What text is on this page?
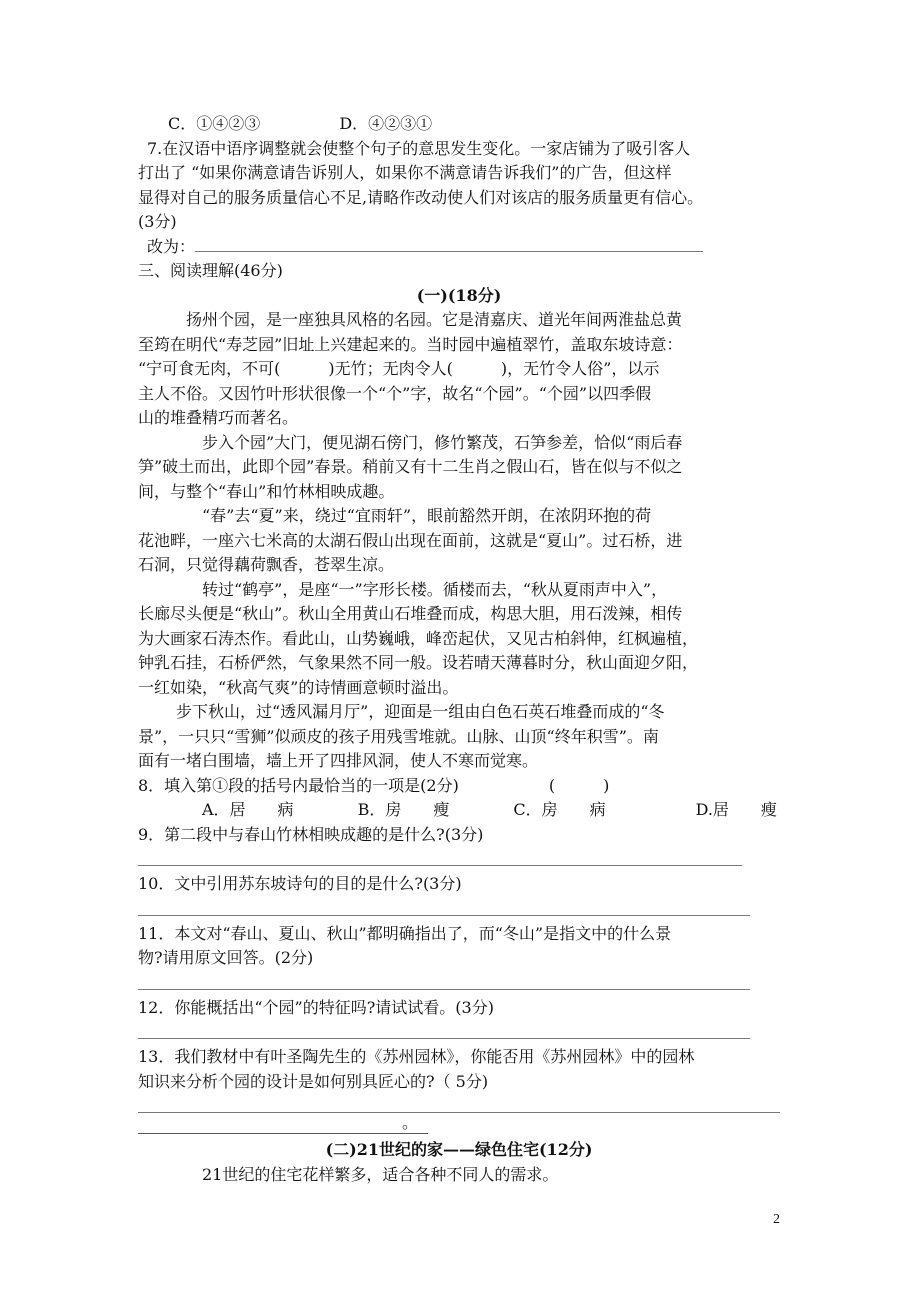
C．①④②③	D．④②③①
7.在汉语中语序调整就会使整个句子的意思发生变化。一家店铺为了吸引客人
打出了 “如果你满意请告诉别人，如果你不满意请告诉我们”的广告，但这样
显得对自己的服务质量信心不足,请略作改动使人们对该店的服务质量更有信心。
(3分)
改为：
三、阅读理解(46分)
(一)(18分)
扬州个园，是一座独具风格的名园。它是清嘉庆、道光年间两淮盐总黄
至筠在明代“寿芝园”旧址上兴建起来的。当时园中遍植翠竹，盖取东坡诗意：
“宁可食无肉，不可(　　　)无竹；无肉令人(　　　)，无竹令人俗”，以示
主人不俗。又因竹叶形状很像一个“个”字，故名“个园”。“个园”以四季假
山的堆叠精巧而著名。
步入个园”大门，便见湖石傍门，修竹繁茂，石笋参差，恰似“雨后春
笋”破土而出，此即个园”春景。稍前又有十二生肖之假山石，皆在似与不似之
间，与整个“春山”和竹林相映成趣。
“春”去“夏”来，绕过“宜雨轩”，眼前豁然开朗，在浓阴环抱的荷
花池畔，一座六七米高的太湖石假山出现在面前，这就是“夏山”。过石桥，进
石洞，只觉得藕荷飘香，苍翠生凉。
转过“鹤亭”，是座“一”字形长楼。循楼而去，“秋从夏雨声中入”，
长廊尽头便是“秋山”。秋山全用黄山石堆叠而成，构思大胆，用石泼辣，相传
为大画家石涛杰作。看此山，山势巍峨，峰峦起伏，又见古柏斜伸，红枫遍植，
钟乳石挂，石桥俨然，气象果然不同一般。设若晴天薄暮时分，秋山面迎夕阳，
一红如染，“秋高气爽”的诗情画意顿时溢出。
步下秋山，过“透风漏月厅”，迎面是一组由白色石英石堆叠而成的“冬
景”，一只只“雪狮”似顽皮的孩子用残雪堆就。山脉、山顶“终年积雪”。南
面有一堵白围墙，墙上开了四排风洞，使人不寒而觉寒。
8．填入第①段的括号内最恰当的一项是(2分)	(　　　)
A．居　　病	B．房　　瘦	C．房　　病	D.居　　瘦
9．第二段中与春山竹林相映成趣的是什么?(3分)
10．文中引用苏东坡诗句的目的是什么?(3分)
11．本文对“春山、夏山、秋山”都明确指出了，而“冬山”是指文中的什么景
物?请用原文回答。(2分)
12．你能概括出“个园”的特征吗?请试试看。(3分)
13．我们教材中有叶圣陶先生的《苏州园林》，你能否用《苏州园林》中的园林
知识来分析个园的设计是如何别具匠心的?（ 5分)
。
(二)21世纪的家——绿色住宅(12分)
21世纪的住宅花样繁多，适合各种不同人的需求。
2
